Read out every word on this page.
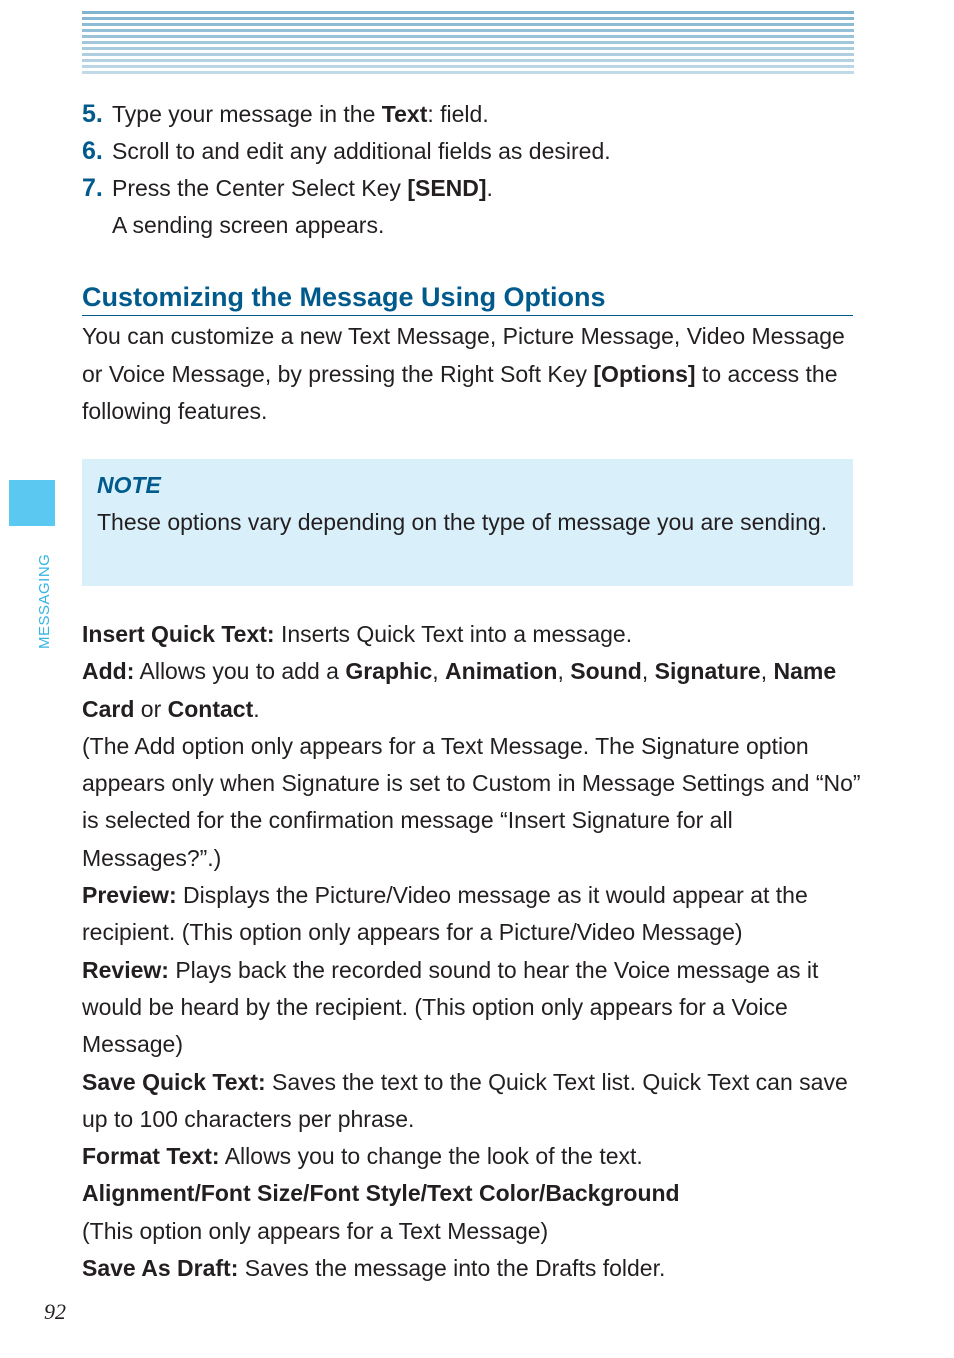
MESSAGING
5. Type your message in the Text: field.
6. Scroll to and edit any additional fields as desired.
7. Press the Center Select Key [SEND].
A sending screen appears.
Customizing the Message Using Options
You can customize a new Text Message, Picture Message, Video Message or Voice Message, by pressing the Right Soft Key [Options] to access the following features.
NOTE
These options vary depending on the type of message you are sending.

Insert Quick Text: Inserts Quick Text into a message.

Add: Allows you to add a Graphic, Animation, Sound, Signature, Name Card or Contact.

(The Add option only appears for a Text Message. The Signature option appears only when Signature is set to Custom in Message Settings and “No” is selected for the confirmation message “Insert Signature for all Messages?”.)

Preview: Displays the Picture/Video message as it would appear at the recipient. (This option only appears for a Picture/Video Message)

Review: Plays back the recorded sound to hear the Voice message as it would be heard by the recipient. (This option only appears for a Voice Message)

Save Quick Text: Saves the text to the Quick Text list. Quick Text can save up to 100 characters per phrase.

Format Text: Allows you to change the look of the text.

Alignment/Font Size/Font Style/Text Color/Background

(This option only appears for a Text Message)

Save As Draft: Saves the message into the Drafts folder.

92
